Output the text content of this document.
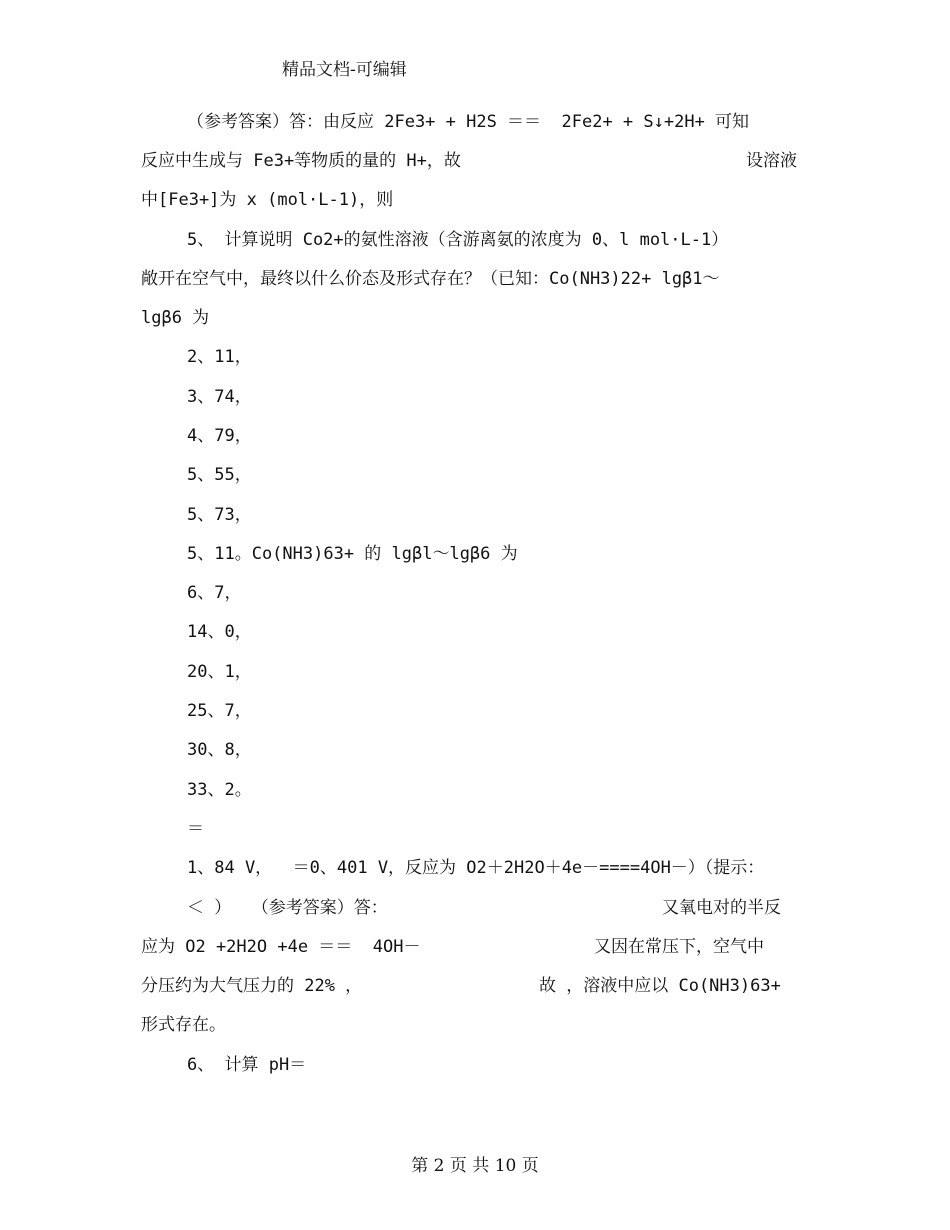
精品文档-可编辑
（参考答案）答：由反应 2Fe3+ + H2S ＝＝  2Fe2+ + S↓+2H+ 可知
反应中生成与 Fe3+等物质的量的 H+，故	设溶液
中[Fe3+]为 x (mol·L-1)，则
5、 计算说明 Co2+的氨性溶液（含游离氨的浓度为 0、l mol·L-1）
敞开在空气中，最终以什么价态及形式存在？（已知：Co(NH3)22+ lgβ1～
lgβ6 为
2、11，
3、74，
4、79，
5、55，
5、73，
5、11。Co(NH3)63+ 的 lgβl～lgβ6 为
6、7，
14、0，
20、1，
25、7，
30、8，
33、2。
＝
1、84 V，  ＝0、401 V，反应为 O2＋2H2O＋4e－====4OH－）（提示：
＜ ）  （参考答案）答：	又氧电对的半反
应为 O2 +2H2O +4e ＝＝  4OH－	又因在常压下，空气中
分压约为大气压力的 22% ，	故 ，溶液中应以 Co(NH3)63+
形式存在。
6、 计算 pH＝
第 2 页 共 10 页
